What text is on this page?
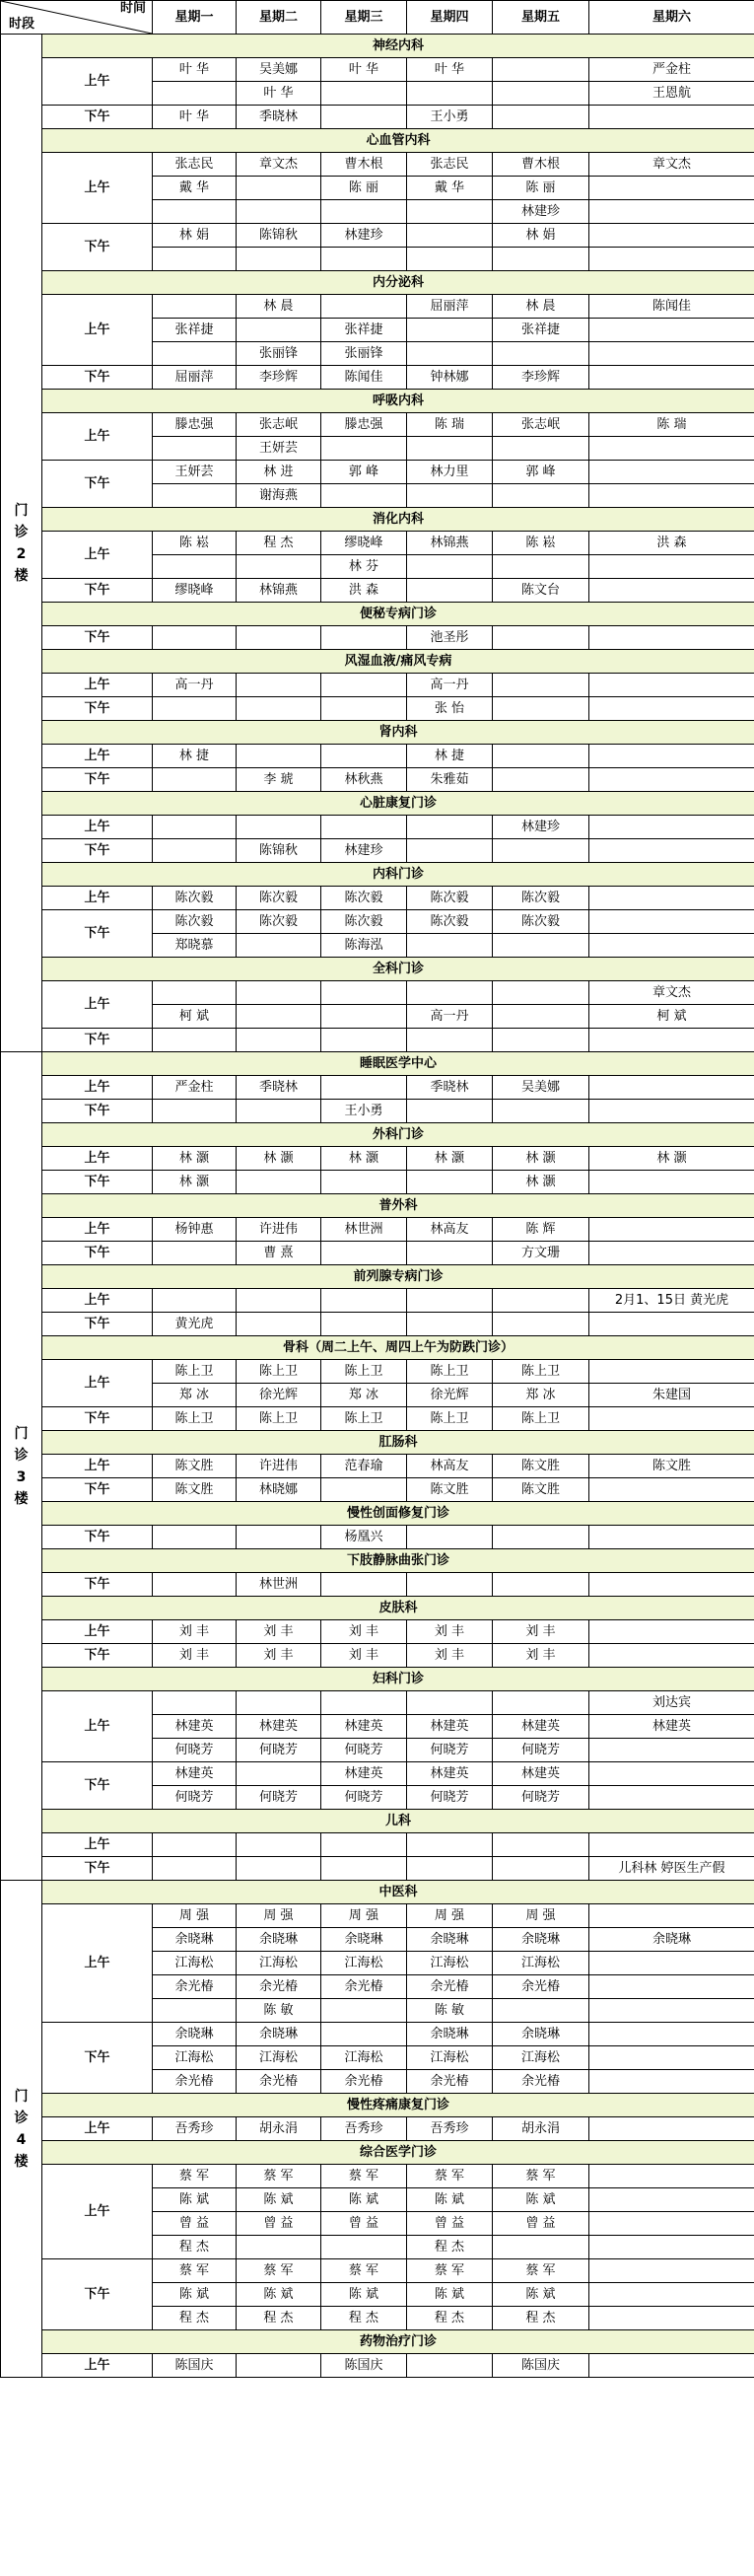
时间
时段		星期一	星期二	星期三	星期四	星期五	星期六
门诊2楼	神经内科						
	上午	叶 华	吴美娜	叶 华	叶 华		严金柱
			叶 华				王恩航
	下午	叶 华	季晓林		王小勇		
	心血管内科						
	上午	张志民	章文杰	曹木根	张志民	曹木根	章文杰
		戴 华		陈 丽	戴 华	陈 丽	
						林建珍	
	下午	林 娟	陈锦秋	林建珍		林 娟	

	内分泌科						
	上午		林 晨		屈丽萍	林 晨	陈闻佳
		张祥捷		张祥捷		张祥捷	
			张丽锋	张丽锋			
	下午	屈丽萍	李珍辉	陈闻佳	钟林娜	李珍辉	
	呼吸内科						
	上午	滕忠强	张志岷	滕忠强	陈 瑞	张志岷	陈 瑞
			王妍芸				
	下午	王妍芸	林 进	郭 峰	林力里	郭 峰	
			谢海燕				
	消化内科						
	上午	陈 崧	程 杰	缪晓峰	林锦燕	陈 崧	洪 森
				林 芬			
	下午	缪晓峰	林锦燕	洪 森		陈文台	
	便秘专病门诊						
	下午				池圣彤		
	风湿血液/痛风专病						
	上午	高一丹			高一丹		
	下午				张 怡		
	肾内科						
	上午	林 捷			林 捷		
	下午		李 琥	林秋燕	朱雅茹		
	心脏康复门诊						
	上午					林建珍	
	下午		陈锦秋	林建珍			
	内科门诊						
	上午	陈次毅	陈次毅	陈次毅	陈次毅	陈次毅	
	下午	陈次毅	陈次毅	陈次毅	陈次毅	陈次毅	
		郑晓慕		陈海泓			
	全科门诊						
	上午						章文杰
		柯 斌			高一丹		柯 斌
	下午						
门诊3楼	睡眠医学中心						
	上午	严金柱	季晓林		季晓林	吴美娜	
	下午			王小勇			
	外科门诊						
	上午	林 灏	林 灏	林 灏	林 灏	林 灏	林 灏
	下午	林 灏				林 灏	
	普外科						
	上午	杨钟惠	许进伟	林世洲	林高友	陈 辉	
	下午		曹 熹			方文珊	
	前列腺专病门诊						
	上午						2月1、15日 黄光虎
	下午	黄光虎					
	骨科（周二上午、周四上午为防跌门诊）						
	上午	陈上卫	陈上卫	陈上卫	陈上卫	陈上卫	
		郑 冰	徐光辉	郑 冰	徐光辉	郑 冰	朱建国
	下午	陈上卫	陈上卫	陈上卫	陈上卫	陈上卫	
	肛肠科						
	上午	陈文胜	许进伟	范春瑜	林高友	陈文胜	陈文胜
	下午	陈文胜	林晓娜		陈文胜	陈文胜	
	慢性创面修复门诊						
	下午			杨凰兴			
	下肢静脉曲张门诊						
	下午		林世洲				
	皮肤科						
	上午	刘 丰	刘 丰	刘 丰	刘 丰	刘 丰	
	下午	刘 丰	刘 丰	刘 丰	刘 丰	刘 丰	
	妇科门诊						
	上午						刘达宾
		林建英	林建英	林建英	林建英	林建英	林建英
		何晓芳	何晓芳	何晓芳	何晓芳	何晓芳	
	下午	林建英		林建英	林建英	林建英	
		何晓芳	何晓芳	何晓芳	何晓芳	何晓芳	
	儿科						
	上午						
	下午						儿科林 婷医生产假
门诊4楼	中医科						
	上午	周 强	周 强	周 强	周 强	周 强	
		余晓琳	余晓琳	余晓琳	余晓琳	余晓琳	余晓琳
		江海松	江海松	江海松	江海松	江海松	
		余光椿	余光椿	余光椿	余光椿	余光椿	
			陈 敏		陈 敏		
	下午	余晓琳	余晓琳		余晓琳	余晓琳	
		江海松	江海松	江海松	江海松	江海松	
		余光椿	余光椿	余光椿	余光椿	余光椿	
	慢性疼痛康复门诊						
	上午	吾秀珍	胡永涓	吾秀珍	吾秀珍	胡永涓	
	综合医学门诊						
	上午	蔡 军	蔡 军	蔡 军	蔡 军	蔡 军	
		陈 斌	陈 斌	陈 斌	陈 斌	陈 斌	
		曾 益	曾 益	曾 益	曾 益	曾 益	
		程 杰			程 杰		
	下午	蔡 军	蔡 军	蔡 军	蔡 军	蔡 军	
		陈 斌	陈 斌	陈 斌	陈 斌	陈 斌	
		程 杰	程 杰	程 杰	程 杰	程 杰	
	药物治疗门诊						
	上午	陈国庆		陈国庆		陈国庆	
